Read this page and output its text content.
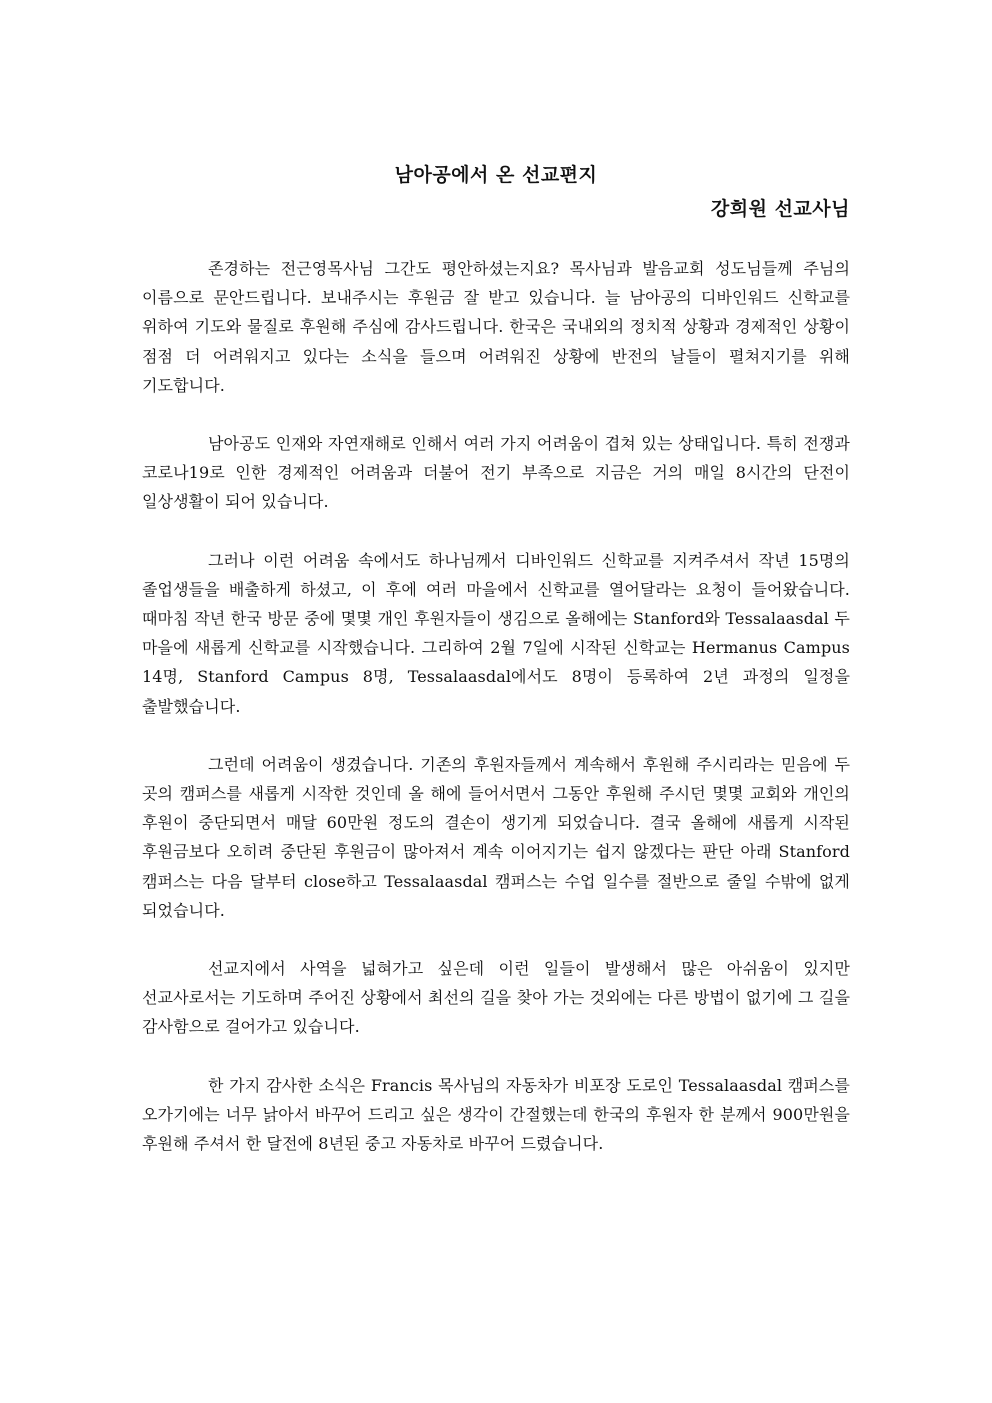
남아공에서 온 선교편지
강희원 선교사님

존경하는 전근영목사님 그간도 평안하셨는지요? 목사님과 발음교회 성도님들께 주님의 이름으로 문안드립니다. 보내주시는 후원금 잘 받고 있습니다. 늘 남아공의 디바인워드 신학교를 위하여 기도와 물질로 후원해 주심에 감사드립니다. 한국은 국내외의 정치적 상황과 경제적인 상황이 점점 더 어려워지고 있다는 소식을 들으며 어려워진 상황에 반전의 날들이 펼쳐지기를 위해 기도합니다.

남아공도 인재와 자연재해로 인해서 여러 가지 어려움이 겹쳐 있는 상태입니다. 특히 전쟁과 코로나19로 인한 경제적인 어려움과 더불어 전기 부족으로 지금은 거의 매일 8시간의 단전이 일상생활이 되어 있습니다.

그러나 이런 어려움 속에서도 하나님께서 디바인워드 신학교를 지켜주셔서 작년 15명의 졸업생들을 배출하게 하셨고, 이 후에 여러 마을에서 신학교를 열어달라는 요청이 들어왔습니다. 때마침 작년 한국 방문 중에 몇몇 개인 후원자들이 생김으로 올해에는 Stanford와 Tessalaasdal 두 마을에 새롭게 신학교를 시작했습니다. 그리하여 2월 7일에 시작된 신학교는 Hermanus Campus 14명, Stanford Campus 8명, Tessalaasdal에서도 8명이 등록하여 2년 과정의 일정을 출발했습니다.

그런데 어려움이 생겼습니다. 기존의 후원자들께서 계속해서 후원해 주시리라는 믿음에 두 곳의 캠퍼스를 새롭게 시작한 것인데 올 해에 들어서면서 그동안 후원해 주시던 몇몇 교회와 개인의 후원이 중단되면서 매달 60만원 정도의 결손이 생기게 되었습니다. 결국 올해에 새롭게 시작된 후원금보다 오히려 중단된 후원금이 많아져서 계속 이어지기는 쉽지 않겠다는 판단 아래 Stanford 캠퍼스는 다음 달부터 close하고 Tessalaasdal 캠퍼스는 수업 일수를 절반으로 줄일 수밖에 없게 되었습니다.

선교지에서 사역을 넓혀가고 싶은데 이런 일들이 발생해서 많은 아쉬움이 있지만 선교사로서는 기도하며 주어진 상황에서 최선의 길을 찾아 가는 것외에는 다른 방법이 없기에 그 길을 감사함으로 걸어가고 있습니다.

한 가지 감사한 소식은 Francis 목사님의 자동차가 비포장 도로인 Tessalaasdal 캠퍼스를 오가기에는 너무 낡아서 바꾸어 드리고 싶은 생각이 간절했는데 한국의 후원자 한 분께서 900만원을 후원해 주셔서 한 달전에 8년된 중고 자동차로 바꾸어 드렸습니다.
